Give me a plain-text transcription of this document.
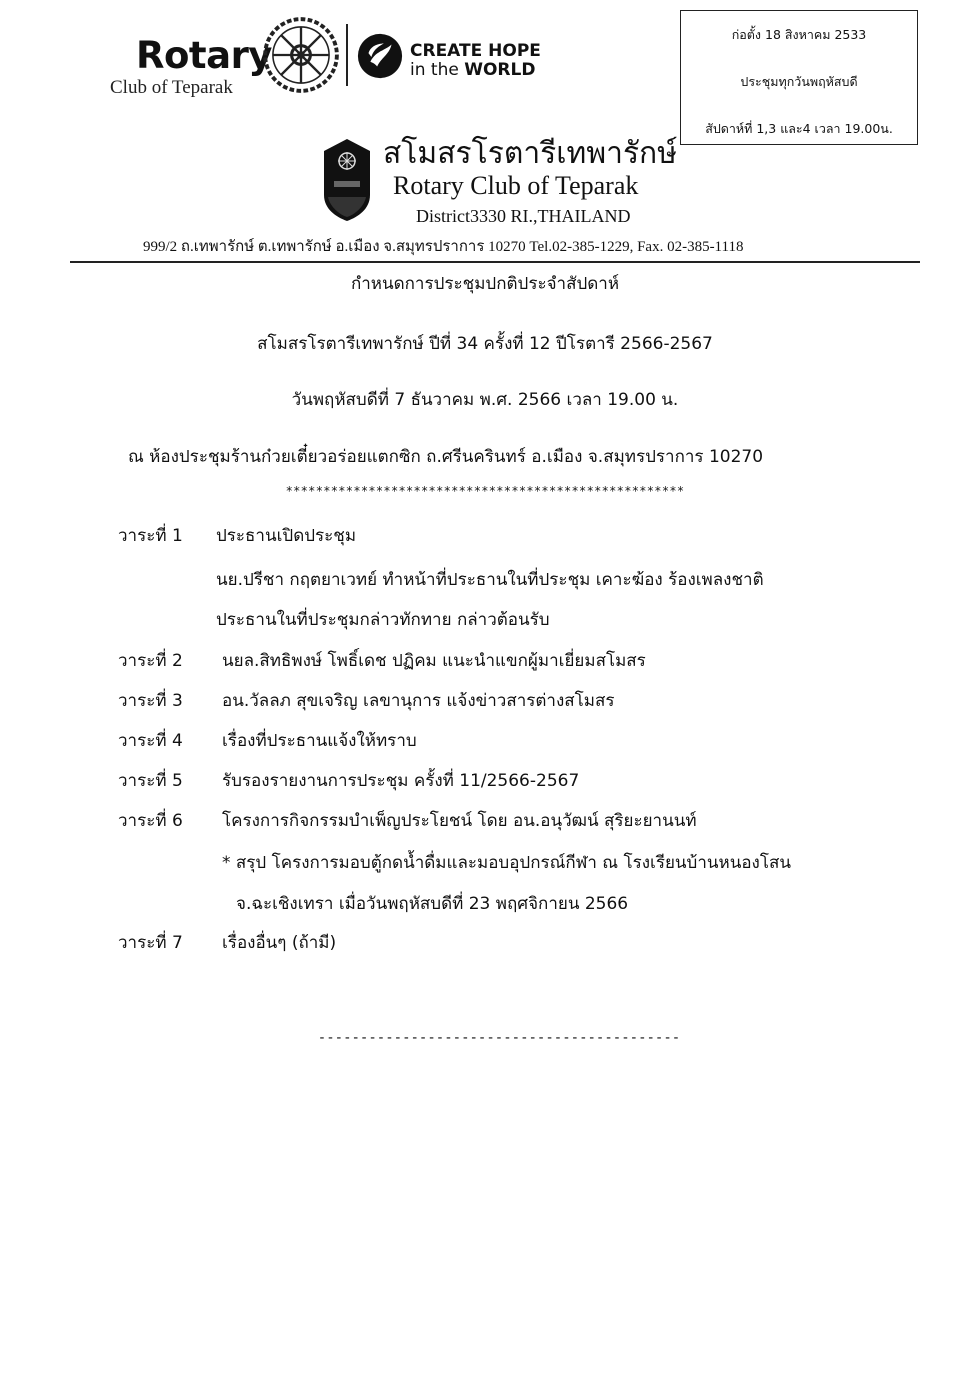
Rotary
Club of Teparak
CREATE HOPE
in the WORLD
ก่อตั้ง 18 สิงหาคม 2533
ประชุมทุกวันพฤหัสบดี
สัปดาห์ที่ 1,3 และ4 เวลา 19.00น.
สโมสรโรตารีเทพารักษ์
Rotary Club of Teparak
District3330 RI.,THAILAND
999/2 ถ.เทพารักษ์ ต.เทพารักษ์ อ.เมือง จ.สมุทรปราการ 10270 Tel.02-385-1229, Fax. 02-385-1118
กำหนดการประชุมปกติประจำสัปดาห์
สโมสรโรตารีเทพารักษ์ ปีที่ 34 ครั้งที่ 12 ปีโรตารี 2566-2567
วันพฤหัสบดีที่ 7 ธันวาคม พ.ศ. 2566 เวลา 19.00 น.
ณ ห้องประชุมร้านก๋วยเตี๋ยวอร่อยแตกซิก ถ.ศรีนครินทร์ อ.เมือง จ.สมุทรปราการ 10270
*****************************************************
วาระที่ 1 ประธานเปิดประชุม
นย.ปรีชา กฤตยาเวทย์ ทำหน้าที่ประธานในที่ประชุม เคาะฆ้อง ร้องเพลงชาติ
ประธานในที่ประชุมกล่าวทักทาย กล่าวต้อนรับ
วาระที่ 2 นยล.สิทธิพงษ์ โพธิ์เดช ปฏิคม แนะนำแขกผู้มาเยี่ยมสโมสร
วาระที่ 3 อน.วัลลภ สุขเจริญ เลขานุการ แจ้งข่าวสารต่างสโมสร
วาระที่ 4 เรื่องที่ประธานแจ้งให้ทราบ
วาระที่ 5 รับรองรายงานการประชุม ครั้งที่ 11/2566-2567
วาระที่ 6 โครงการกิจกรรมบำเพ็ญประโยชน์ โดย อน.อนุวัฒน์ สุริยะยานนท์
* สรุป โครงการมอบตู้กดน้ำดื่มและมอบอุปกรณ์กีฬา ณ โรงเรียนบ้านหนองโสน
จ.ฉะเชิงเทรา เมื่อวันพฤหัสบดีที่ 23 พฤศจิกายน 2566
วาระที่ 7 เรื่องอื่นๆ (ถ้ามี)
-------------------------------------------
